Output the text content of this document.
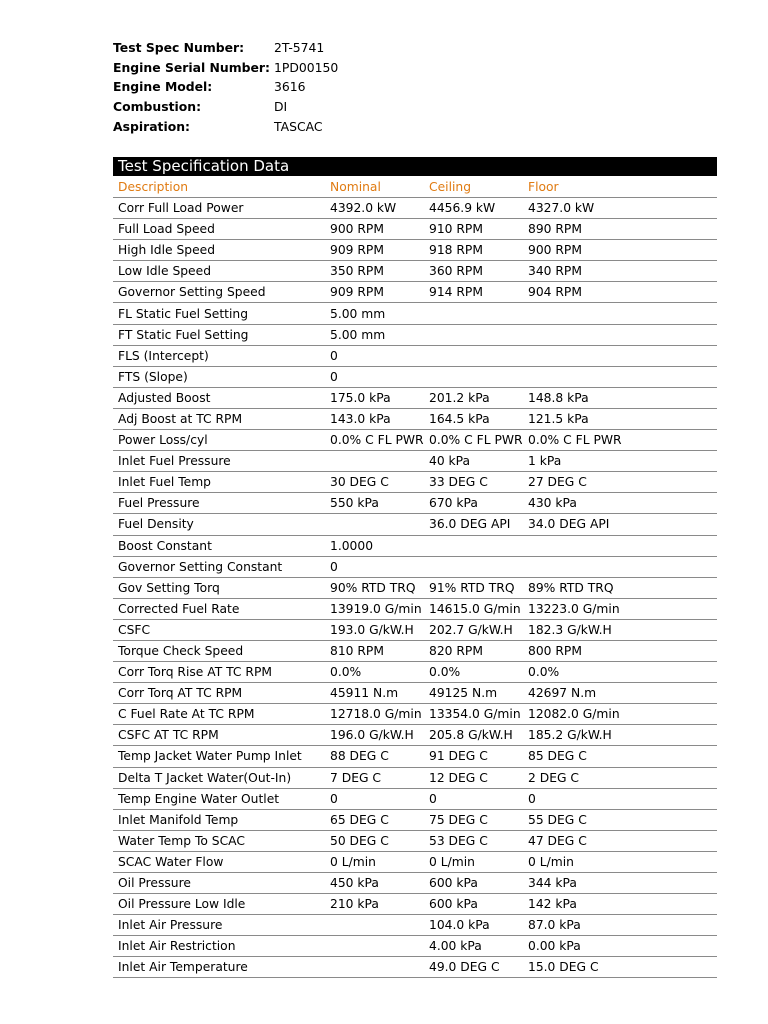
Test Spec Number:	2T-5741
Engine Serial Number: 1PD00150
Engine Model:	3616
Combustion:	DI
Aspiration:	TASCAC
Test Specification Data
Description	Nominal	Ceiling	Floor
Corr Full Load Power	4392.0 kW	4456.9 kW	4327.0 kW
Full Load Speed	900 RPM	910 RPM	890 RPM
High Idle Speed	909 RPM	918 RPM	900 RPM
Low Idle Speed	350 RPM	360 RPM	340 RPM
Governor Setting Speed	909 RPM	914 RPM	904 RPM
FL Static Fuel Setting	5.00 mm		
FT Static Fuel Setting	5.00 mm		
FLS (Intercept)	0		
FTS (Slope)	0		
Adjusted Boost	175.0 kPa	201.2 kPa	148.8 kPa
Adj Boost at TC RPM	143.0 kPa	164.5 kPa	121.5 kPa
Power Loss/cyl	0.0% C FL PWR	0.0% C FL PWR	0.0% C FL PWR
Inlet Fuel Pressure		40 kPa	1 kPa
Inlet Fuel Temp	30 DEG C	33 DEG C	27 DEG C
Fuel Pressure	550 kPa	670 kPa	430 kPa
Fuel Density		36.0 DEG API	34.0 DEG API
Boost Constant	1.0000		
Governor Setting Constant	0		
Gov Setting Torq	90% RTD TRQ	91% RTD TRQ	89% RTD TRQ
Corrected Fuel Rate	13919.0 G/min	14615.0 G/min	13223.0 G/min
CSFC	193.0 G/kW.H	202.7 G/kW.H	182.3 G/kW.H
Torque Check Speed	810 RPM	820 RPM	800 RPM
Corr Torq Rise AT TC RPM	0.0%	0.0%	0.0%
Corr Torq AT TC RPM	45911 N.m	49125 N.m	42697 N.m
C Fuel Rate At TC RPM	12718.0 G/min	13354.0 G/min	12082.0 G/min
CSFC AT TC RPM	196.0 G/kW.H	205.8 G/kW.H	185.2 G/kW.H
Temp Jacket Water Pump Inlet	88 DEG C	91 DEG C	85 DEG C
Delta T Jacket Water(Out-In)	7 DEG C	12 DEG C	2 DEG C
Temp Engine Water Outlet	0	0	0
Inlet Manifold Temp	65 DEG C	75 DEG C	55 DEG C
Water Temp To SCAC	50 DEG C	53 DEG C	47 DEG C
SCAC Water Flow	0 L/min	0 L/min	0 L/min
Oil Pressure	450 kPa	600 kPa	344 kPa
Oil Pressure Low Idle	210 kPa	600 kPa	142 kPa
Inlet Air Pressure		104.0 kPa	87.0 kPa
Inlet Air Restriction		4.00 kPa	0.00 kPa
Inlet Air Temperature		49.0 DEG C	15.0 DEG C
